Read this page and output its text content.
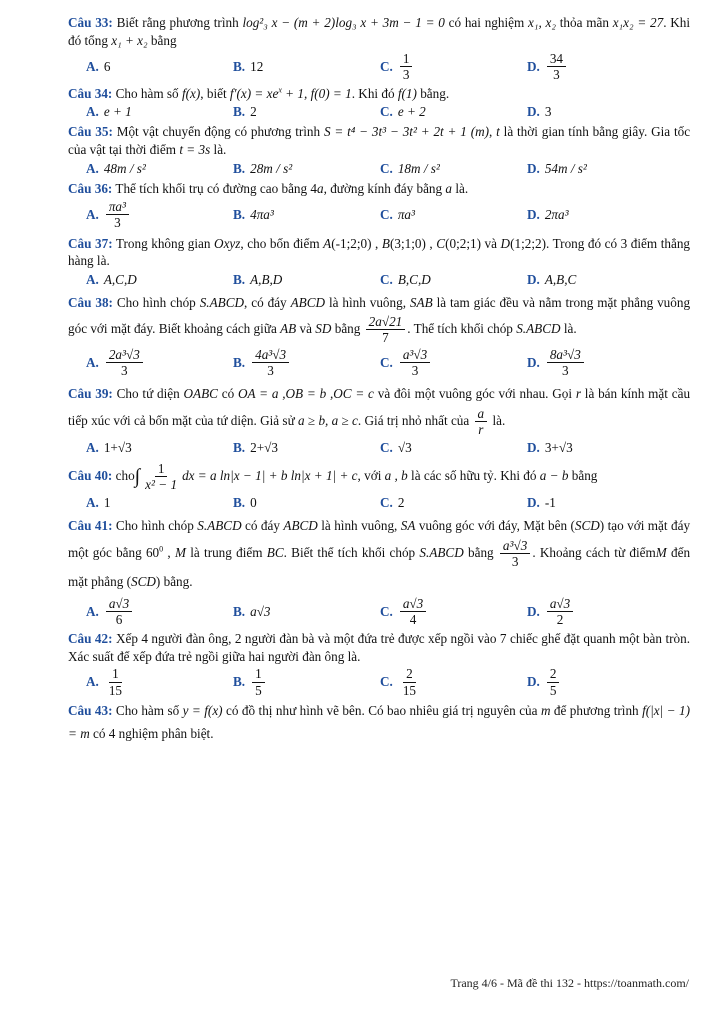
Câu 33: Biết rằng phương trình log²₃ x − (m + 2)log₃ x + 3m − 1 = 0 có hai nghiệm x₁, x₂ thỏa mãn x₁x₂ = 27. Khi đó tổng x₁ + x₂ bằng
A. 6	B. 12	C. $\frac{1}{3}$	D. $\frac{34}{3}$
Câu 34: Cho hàm số f(x), biết $f'(x) = xe^x + 1$, f(0) = 1. Khi đó f(1) bằng.
A. e + 1	B. 2	C. e + 2	D. 3
Câu 35: Một vật chuyển động có phương trình S = t⁴ − 3t³ − 3t² + 2t + 1 (m), t là thời gian tính bằng giây. Gia tốc của vật tại thời điểm t = 3s là.
A. 48m / s²	B. 28m / s²	C. 18m / s²	D. 54m / s²
Câu 36: Thể tích khối trụ có đường cao bằng 4a, đường kính đáy bằng a là.
A. $\frac{\text{πa³}}{3}$	B. 4πa³	C. πa³	D. 2πa³
Câu 37: Trong không gian Oxyz, cho bốn điểm A(-1;2;0) , B(3;1;0) , C(0;2;1) và D(1;2;2). Trong đó có 3 điểm thẳng hàng là.
A. A,C,D	B. A,B,D	C. B,C,D	D. A,B,C
Câu 38: Cho hình chóp S.ABCD, có đáy ABCD là hình vuông, SAB là tam giác đều và nằm trong mặt phẳng vuông góc với mặt đáy. Biết khoảng cách giữa AB và SD bằng $\frac{2a√21}{7}$ . Thể tích khối chóp S.ABCD là.
A. $\frac{\text{2a³√3}}{3}$	B. $\frac{\text{4a³√3}}{3}$	C. $\frac{\text{a³√3}}{3}$	D. $\frac{\text{8a³√3}}{3}$
Câu 39: Cho tứ diện OABC có OA = a ,OB = b ,OC = c và đôi một vuông góc với nhau. Gọi r là bán kính mặt cầu tiếp xúc với cả bốn mặt của tứ diện. Giả sử a ≥ b, a ≥ c. Giá trị nhỏ nhất của $\frac{a}{r}$ là.
A. 1+√3	B. 2+√3	C. √3	D. 3+√3
Câu 40: $cho\int \frac{1}{\text{x² − 1}}$ dx = a ln|x − 1| + b ln|x + 1| + c, với a , b là các số hữu tỷ. Khi đó a − b bằng
A. 1	B. 0	C. 2	D. -1
Câu 41: Cho hình chóp S.ABCD có đáy ABCD là hình vuông, SA vuông góc với đáy, Mặt bên (SCD) tạo với mặt đáy một góc bằng $60^0$ , M là trung điểm BC. Biết thể tích khối chóp S.ABCD bằng $\frac{\text{a³√3}}{3}$ . Khoảng cách từ điểmM đến mặt phẳng (SCD) bằng.
A. $\frac{a√3}{6}$	B. a√3	C. $\frac{a√3}{4}$	D. $\frac{a√3}{2}$
Câu 42: Xếp 4 người đàn ông, 2 người đàn bà và một đứa trẻ được xếp ngồi vào 7 chiếc ghế đặt quanh một bàn tròn. Xác suất để xếp đứa trẻ ngồi giữa hai người đàn ông là.
A. $\frac{1}{15}$	B. $\frac{1}{5}$	C. $\frac{2}{15}$	D. $\frac{2}{5}$
Câu 43: Cho hàm số y = f(x) có đồ thị như hình vẽ bên. Có bao nhiêu giá trị nguyên của m để phương trình f(|x| − 1) = m có 4 nghiệm phân biệt.
Trang 4/6 - Mã đề thi 132 - https://toanmath.com/
